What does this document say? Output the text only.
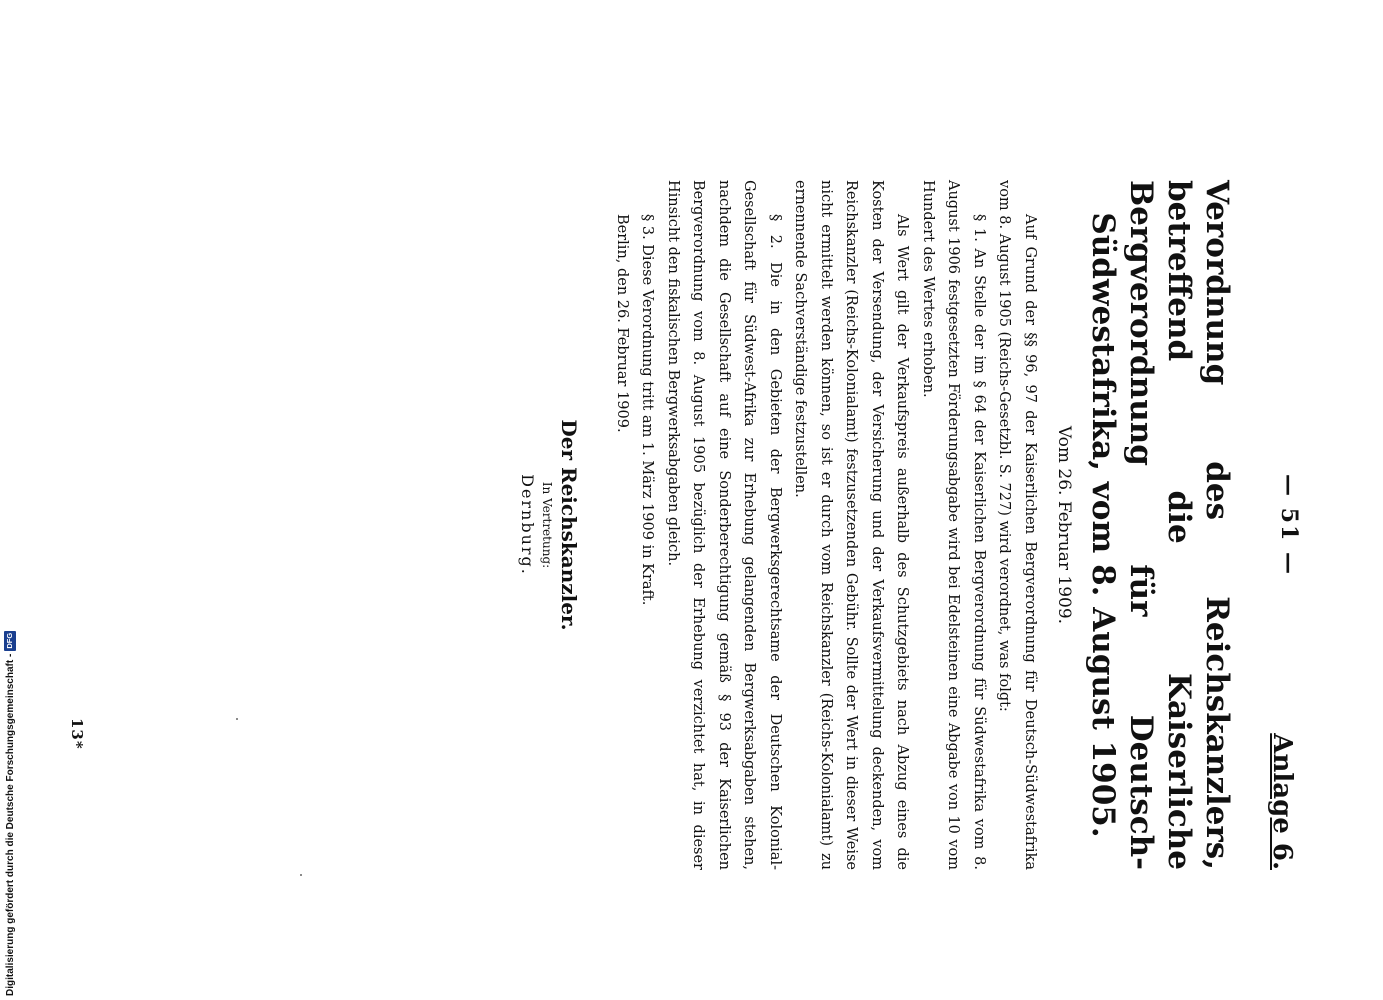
— 51 —
Anlage 6.
Verordnung des Reichskanzlers, betreffend die Kaiserliche Bergverordnung für Deutsch-Südwestafrika, vom 8. August 1905.
Vom 26. Februar 1909.

Auf Grund der §§ 96, 97 der Kaiserlichen Bergverordnung für Deutsch-Südwestafrika vom 8. August 1905 (Reichs-Gesetzbl. S. 727) wird verordnet, was folgt:

§ 1. An Stelle der im § 64 der Kaiserlichen Bergverordnung für Südwestafrika vom 8. August 1906 festgesetzten Förderungsabgabe wird bei Edelsteinen eine Abgabe von 10 vom Hundert des Wertes erhoben.

Als Wert gilt der Verkaufspreis außerhalb des Schutzgebiets nach Abzug eines die Kosten der Versendung, der Versicherung und der Verkaufsvermittelung deckenden, vom Reichskanzler (Reichs-Kolonialamt) festzusetzenden Gebühr. Sollte der Wert in dieser Weise nicht ermittelt werden können, so ist er durch vom Reichskanzler (Reichs-Kolonialamt) zu ernennende Sachverständige festzustellen.

§ 2. Die in den Gebieten der Bergwerksgerechtsame der Deutschen Kolonial-Gesellschaft für Südwest-Afrika zur Erhebung gelangenden Bergwerksabgaben stehen, nachdem die Gesellschaft auf eine Sonderberechtigung gemäß § 93 der Kaiserlichen Bergverordnung vom 8. August 1905 bezüglich der Erhebung verzichtet hat, in dieser Hinsicht den fiskalischen Bergwerksabgaben gleich.

§ 3. Diese Verordnung tritt am 1. März 1909 in Kraft.

Berlin, den 26. Februar 1909.

Der Reichskanzler.
In Vertretung:
Dernburg.
13*
Digitalisierung gefördert durch die Deutsche Forschungsgemeinschaft -
DFG
